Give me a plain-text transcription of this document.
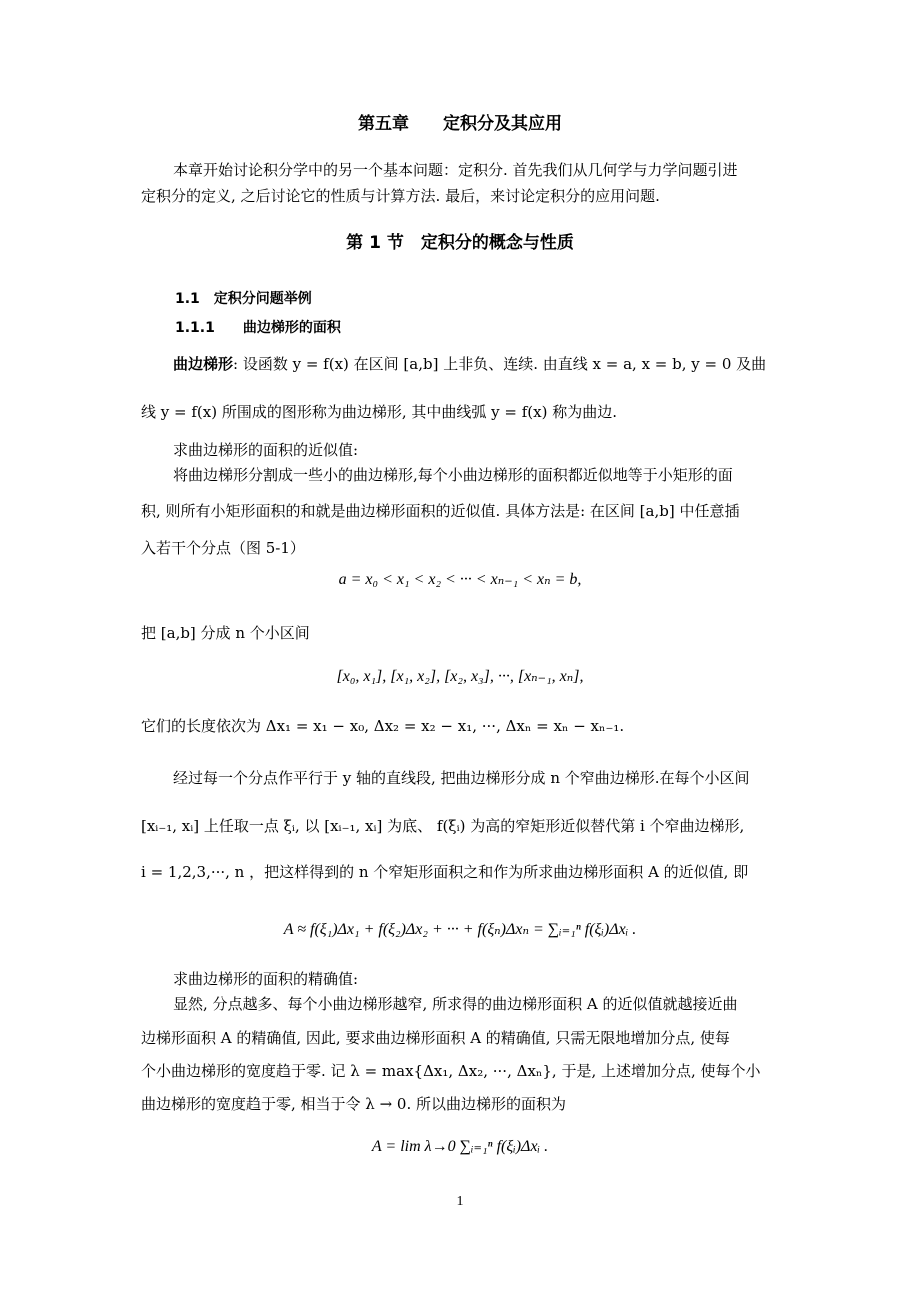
第五章　　定积分及其应用
本章开始讨论积分学中的另一个基本问题：定积分. 首先我们从几何学与力学问题引进
定积分的定义, 之后讨论它的性质与计算方法. 最后，来讨论定积分的应用问题.
第 1 节　定积分的概念与性质
1.1　定积分问题举例
1.1.1　　曲边梯形的面积
曲边梯形: 设函数 y = f(x) 在区间 [a,b] 上非负、连续. 由直线 x = a, x = b, y = 0 及曲
线 y = f(x) 所围成的图形称为曲边梯形, 其中曲线弧 y = f(x) 称为曲边.
求曲边梯形的面积的近似值:
将曲边梯形分割成一些小的曲边梯形,每个小曲边梯形的面积都近似地等于小矩形的面
积, 则所有小矩形面积的和就是曲边梯形面积的近似值. 具体方法是: 在区间 [a,b] 中任意插
入若干个分点（图 5-1）
a = x₀ < x₁ < x₂ < ··· < xₙ₋₁ < xₙ = b,
把 [a,b] 分成 n 个小区间
[x₀, x₁], [x₁, x₂], [x₂, x₃], ···, [xₙ₋₁, xₙ],
它们的长度依次为 Δx₁ = x₁ − x₀, Δx₂ = x₂ − x₁, ···, Δxₙ = xₙ − xₙ₋₁.
经过每一个分点作平行于 y 轴的直线段, 把曲边梯形分成 n 个窄曲边梯形.在每个小区间
[xᵢ₋₁, xᵢ] 上任取一点 ξᵢ, 以 [xᵢ₋₁, xᵢ] 为底、 f(ξᵢ) 为高的窄矩形近似替代第 i 个窄曲边梯形,
i = 1,2,3,···, n ，把这样得到的 n 个窄矩形面积之和作为所求曲边梯形面积 A 的近似值, 即
A ≈ f(ξ₁)Δx₁ + f(ξ₂)Δx₂ + ··· + f(ξₙ)Δxₙ = ∑ᵢ₌₁ⁿ f(ξᵢ)Δxᵢ .
求曲边梯形的面积的精确值:
显然, 分点越多、每个小曲边梯形越窄, 所求得的曲边梯形面积 A 的近似值就越接近曲
边梯形面积 A 的精确值, 因此, 要求曲边梯形面积 A 的精确值, 只需无限地增加分点, 使每
个小曲边梯形的宽度趋于零. 记 λ = max{Δx₁, Δx₂, ···, Δxₙ}, 于是, 上述增加分点, 使每个小
曲边梯形的宽度趋于零, 相当于令 λ → 0. 所以曲边梯形的面积为
A = lim λ→0 ∑ᵢ₌₁ⁿ f(ξᵢ)Δxᵢ .
1
